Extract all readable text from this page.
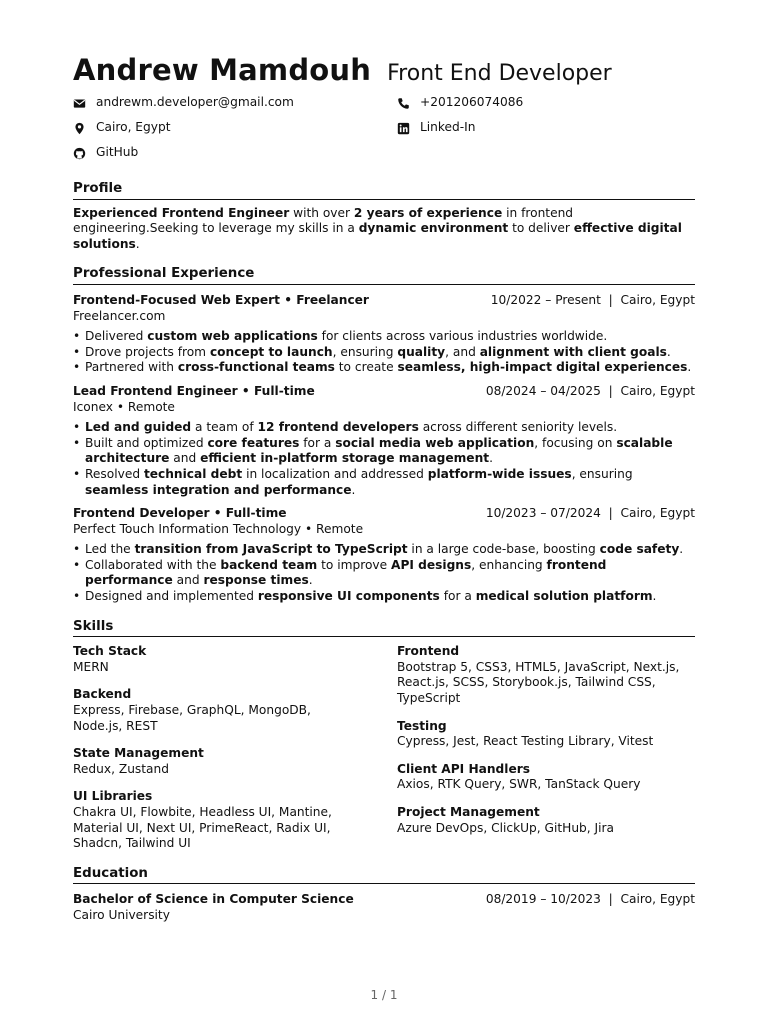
Andrew Mamdouh Front End Developer
andrewm.developer@gmail.com	+201206074086
Cairo, Egypt	Linked-In
GitHub
Profile
Experienced Frontend Engineer with over 2 years of experience in frontend engineering.Seeking to leverage my skills in a dynamic environment to deliver effective digital solutions.
Professional Experience
Frontend-Focused Web Expert • Freelancer	10/2022 – Present  |  Cairo, Egypt
Freelancer.com
• Delivered custom web applications for clients across various industries worldwide.
• Drove projects from concept to launch, ensuring quality, and alignment with client goals.
• Partnered with cross-functional teams to create seamless, high-impact digital experiences.
Lead Frontend Engineer • Full-time	08/2024 – 04/2025  |  Cairo, Egypt
Iconex • Remote
• Led and guided a team of 12 frontend developers across different seniority levels.
• Built and optimized core features for a social media web application, focusing on scalable architecture and efficient in-platform storage management.
• Resolved technical debt in localization and addressed platform-wide issues, ensuring seamless integration and performance.
Frontend Developer • Full-time	10/2023 – 07/2024  |  Cairo, Egypt
Perfect Touch Information Technology • Remote
• Led the transition from JavaScript to TypeScript in a large code-base, boosting code safety.
• Collaborated with the backend team to improve API designs, enhancing frontend performance and response times.
• Designed and implemented responsive UI components for a medical solution platform.
Skills
Tech Stack
MERN
Backend
Express, Firebase, GraphQL, MongoDB, Node.js, REST
State Management
Redux, Zustand
UI Libraries
Chakra UI, Flowbite, Headless UI, Mantine, Material UI, Next UI, PrimeReact, Radix UI, Shadcn, Tailwind UI
Frontend
Bootstrap 5, CSS3, HTML5, JavaScript, Next.js, React.js, SCSS, Storybook.js, Tailwind CSS, TypeScript
Testing
Cypress, Jest, React Testing Library, Vitest
Client API Handlers
Axios, RTK Query, SWR, TanStack Query
Project Management
Azure DevOps, ClickUp, GitHub, Jira
Education
Bachelor of Science in Computer Science	08/2019 – 10/2023  |  Cairo, Egypt
Cairo University
1 / 1
